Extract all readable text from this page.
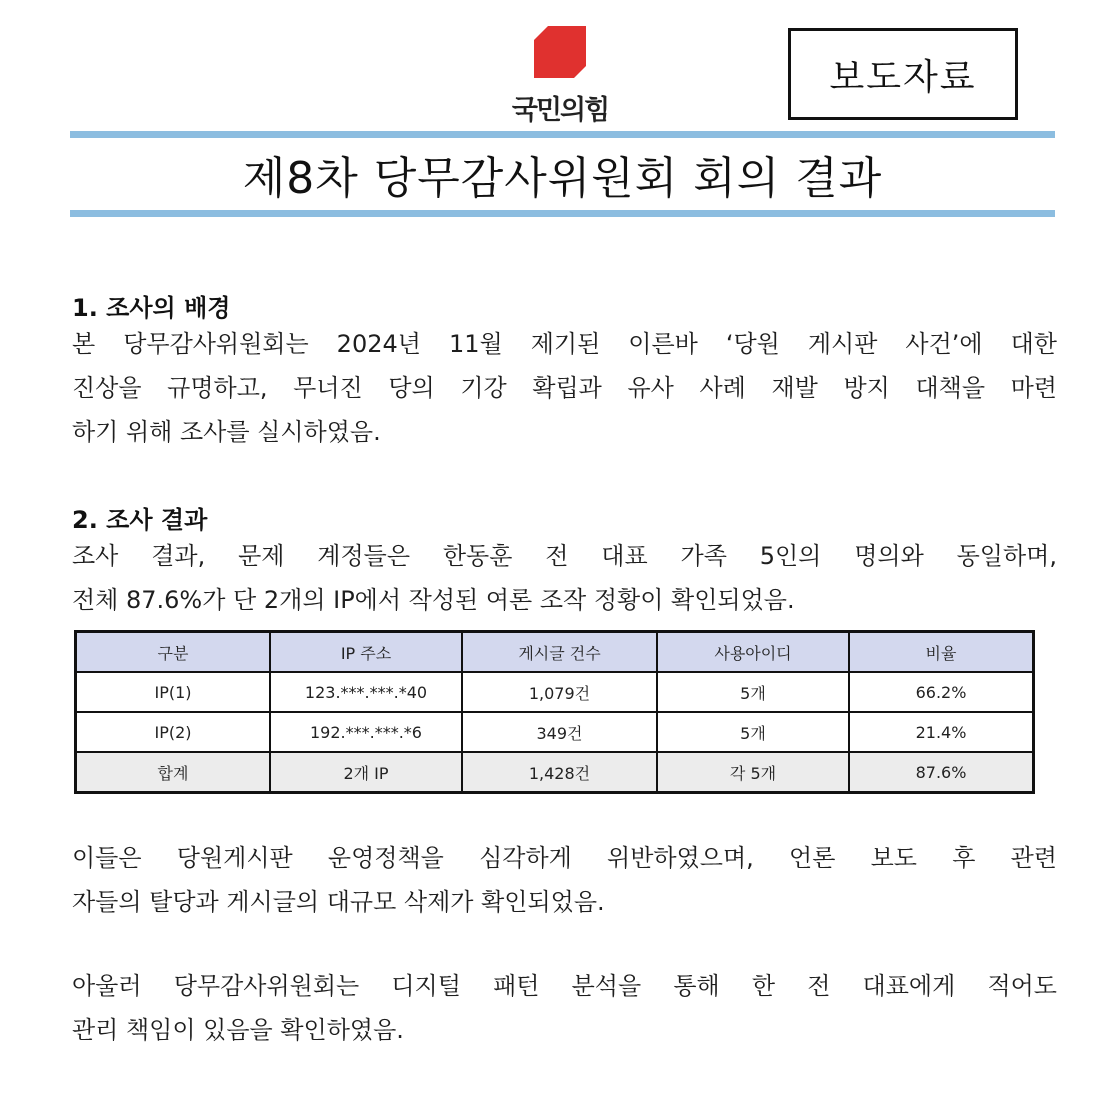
국민의힘
보도자료
제8차 당무감사위원회 회의 결과
1. 조사의 배경
본 당무감사위원회는 2024년 11월 제기된 이른바 ‘당원 게시판 사건’에 대한
진상을 규명하고, 무너진 당의 기강 확립과 유사 사례 재발 방지 대책을 마련
하기 위해 조사를 실시하였음.
2. 조사 결과
조사 결과, 문제 계정들은 한동훈 전 대표 가족 5인의 명의와 동일하며,
전체 87.6%가 단 2개의 IP에서 작성된 여론 조작 정황이 확인되었음.
구분	IP 주소	게시글 건수	사용아이디	비율
IP(1)	123.***.***.*40	1,079건	5개	66.2%
IP(2)	192.***.***.*6	349건	5개	21.4%
합계	2개 IP	1,428건	각 5개	87.6%
이들은 당원게시판 운영정책을 심각하게 위반하였으며, 언론 보도 후 관련
자들의 탈당과 게시글의 대규모 삭제가 확인되었음.
아울러 당무감사위원회는 디지털 패턴 분석을 통해 한 전 대표에게 적어도
관리 책임이 있음을 확인하였음.
